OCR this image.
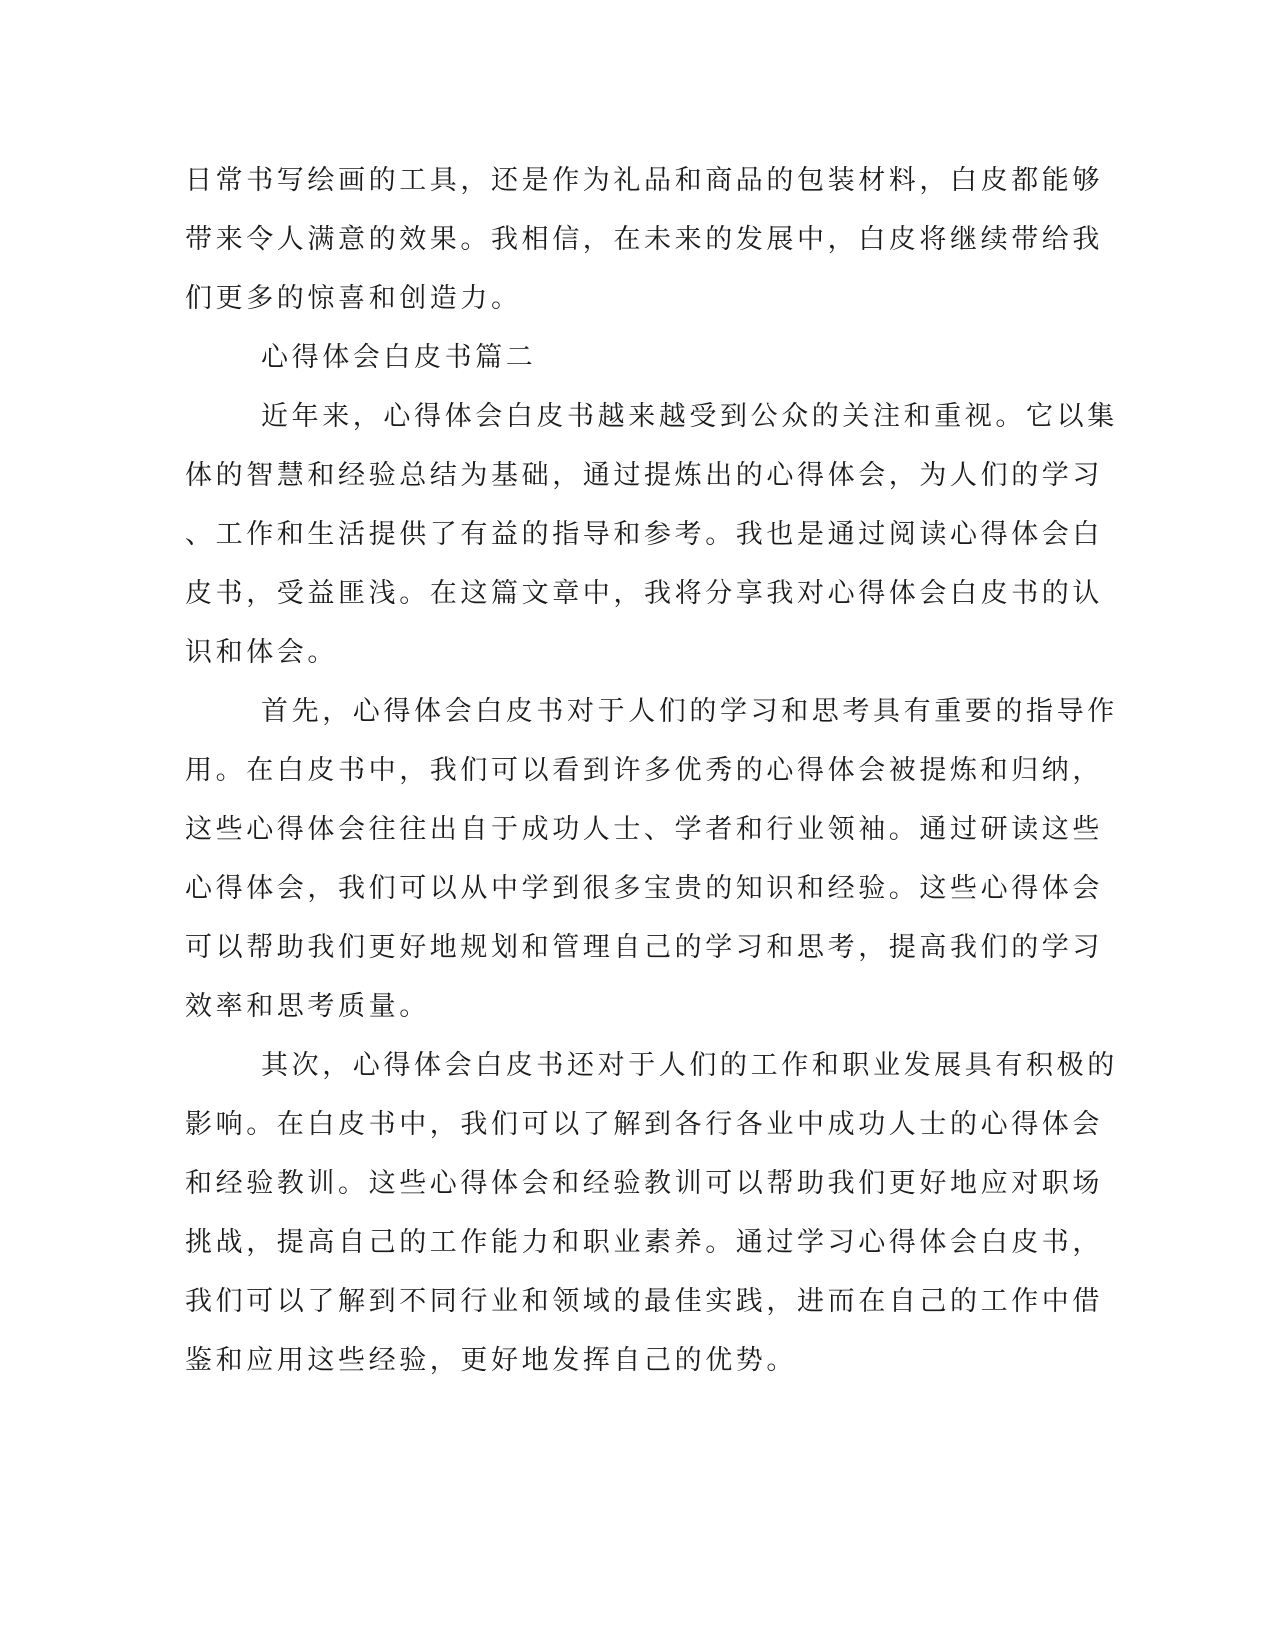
日常书写绘画的工具，还是作为礼品和商品的包装材料，白皮都能够
带来令人满意的效果。我相信，在未来的发展中，白皮将继续带给我
们更多的惊喜和创造力。
心得体会白皮书篇二
近年来，心得体会白皮书越来越受到公众的关注和重视。它以集
体的智慧和经验总结为基础，通过提炼出的心得体会，为人们的学习
、工作和生活提供了有益的指导和参考。我也是通过阅读心得体会白
皮书，受益匪浅。在这篇文章中，我将分享我对心得体会白皮书的认
识和体会。
首先，心得体会白皮书对于人们的学习和思考具有重要的指导作
用。在白皮书中，我们可以看到许多优秀的心得体会被提炼和归纳，
这些心得体会往往出自于成功人士、学者和行业领袖。通过研读这些
心得体会，我们可以从中学到很多宝贵的知识和经验。这些心得体会
可以帮助我们更好地规划和管理自己的学习和思考，提高我们的学习
效率和思考质量。
其次，心得体会白皮书还对于人们的工作和职业发展具有积极的
影响。在白皮书中，我们可以了解到各行各业中成功人士的心得体会
和经验教训。这些心得体会和经验教训可以帮助我们更好地应对职场
挑战，提高自己的工作能力和职业素养。通过学习心得体会白皮书，
我们可以了解到不同行业和领域的最佳实践，进而在自己的工作中借
鉴和应用这些经验，更好地发挥自己的优势。
